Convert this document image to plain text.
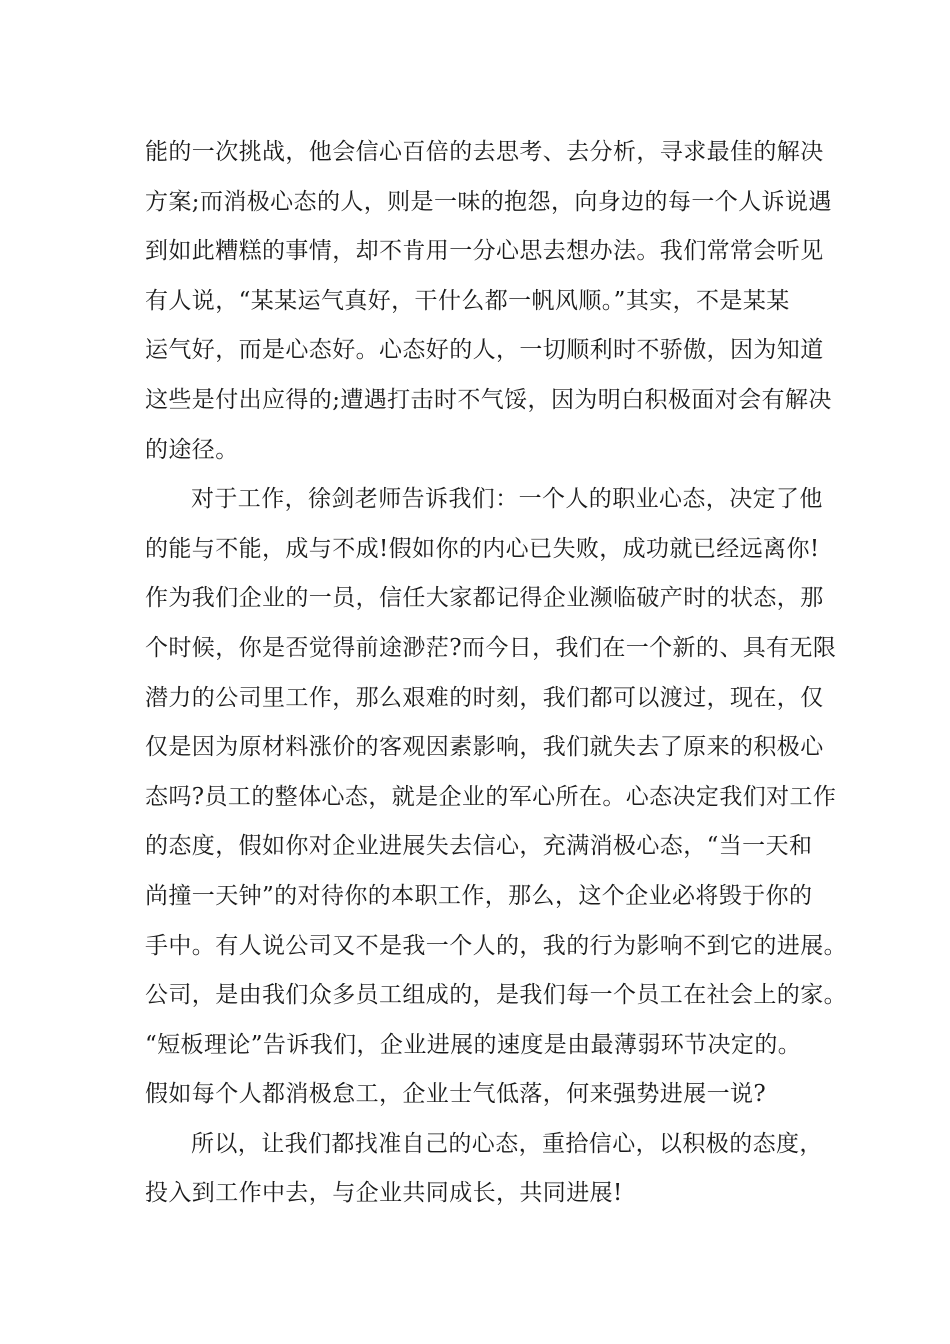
能的一次挑战，他会信心百倍的去思考、去分析，寻求最佳的解决
方案;而消极心态的人，则是一味的抱怨，向身边的每一个人诉说遇
到如此糟糕的事情，却不肯用一分心思去想办法。我们常常会听见
有人说，“某某运气真好，干什么都一帆风顺。”其实，不是某某
运气好，而是心态好。心态好的人，一切顺利时不骄傲，因为知道
这些是付出应得的;遭遇打击时不气馁，因为明白积极面对会有解决
的途径。
对于工作，徐剑老师告诉我们：一个人的职业心态，决定了他
的能与不能，成与不成!假如你的内心已失败，成功就已经远离你!
作为我们企业的一员，信任大家都记得企业濒临破产时的状态，那
个时候，你是否觉得前途渺茫?而今日，我们在一个新的、具有无限
潜力的公司里工作，那么艰难的时刻，我们都可以渡过，现在，仅
仅是因为原材料涨价的客观因素影响，我们就失去了原来的积极心
态吗?员工的整体心态，就是企业的军心所在。心态决定我们对工作
的态度，假如你对企业进展失去信心，充满消极心态，“当一天和
尚撞一天钟”的对待你的本职工作，那么，这个企业必将毁于你的
手中。有人说公司又不是我一个人的，我的行为影响不到它的进展。
公司，是由我们众多员工组成的，是我们每一个员工在社会上的家。
“短板理论”告诉我们，企业进展的速度是由最薄弱环节决定的。
假如每个人都消极怠工，企业士气低落，何来强势进展一说?
所以，让我们都找准自己的心态，重拾信心，以积极的态度，
投入到工作中去，与企业共同成长，共同进展!
